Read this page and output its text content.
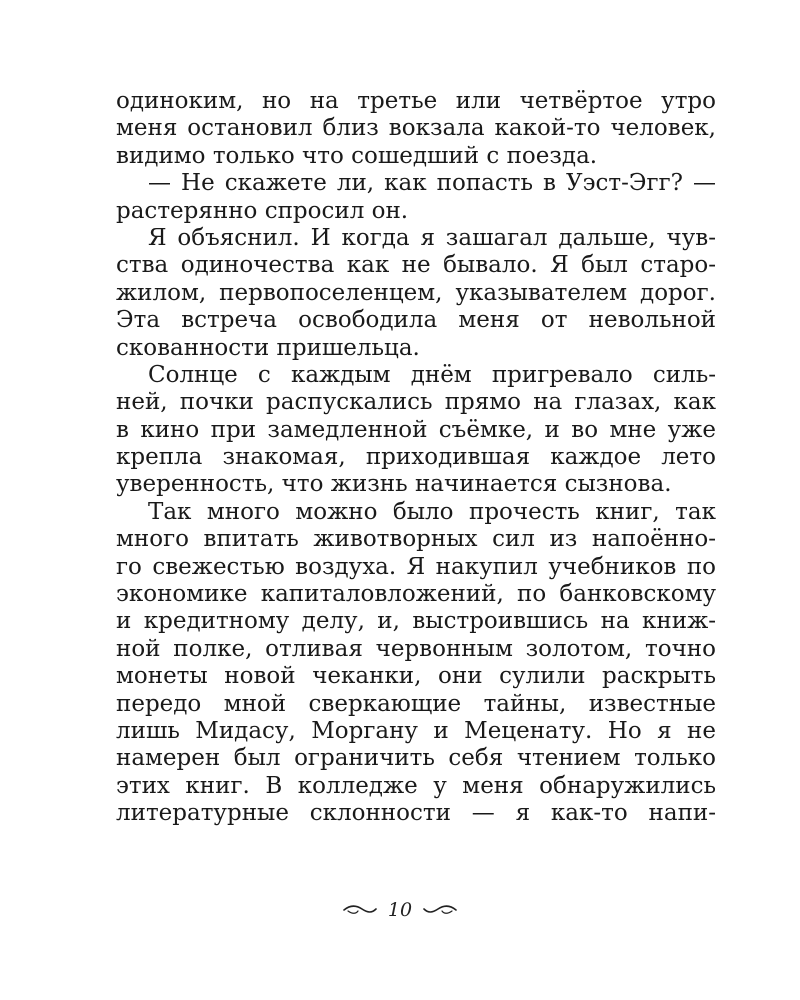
одиноким, но на третье или четвёртое утро
меня остановил близ вокзала какой-то человек,
видимо только что сошедший с поезда.
— Не скажете ли, как попасть в Уэст-Эгг? —
растерянно спросил он.
Я объяснил. И когда я зашагал дальше, чув-
ства одиночества как не бывало. Я был старо-
жилом, первопоселенцем, указывателем дорог.
Эта встреча освободила меня от невольной
скованности пришельца.
Солнце с каждым днём пригревало силь-
ней, почки распускались прямо на глазах, как
в кино при замедленной съёмке, и во мне уже
крепла знакомая, приходившая каждое лето
уверенность, что жизнь начинается сызнова.
Так много можно было прочесть книг, так
много впитать животворных сил из напоённо-
го свежестью воздуха. Я накупил учебников по
экономике капиталовложений, по банковскому
и кредитному делу, и, выстроившись на книж-
ной полке, отливая червонным золотом, точно
монеты новой чеканки, они сулили раскрыть
передо мной сверкающие тайны, известные
лишь Мидасу, Моргану и Меценату. Но я не
намерен был ограничить себя чтением только
этих книг. В колледже у меня обнаружились
литературные склонности — я как-то напи-
10
